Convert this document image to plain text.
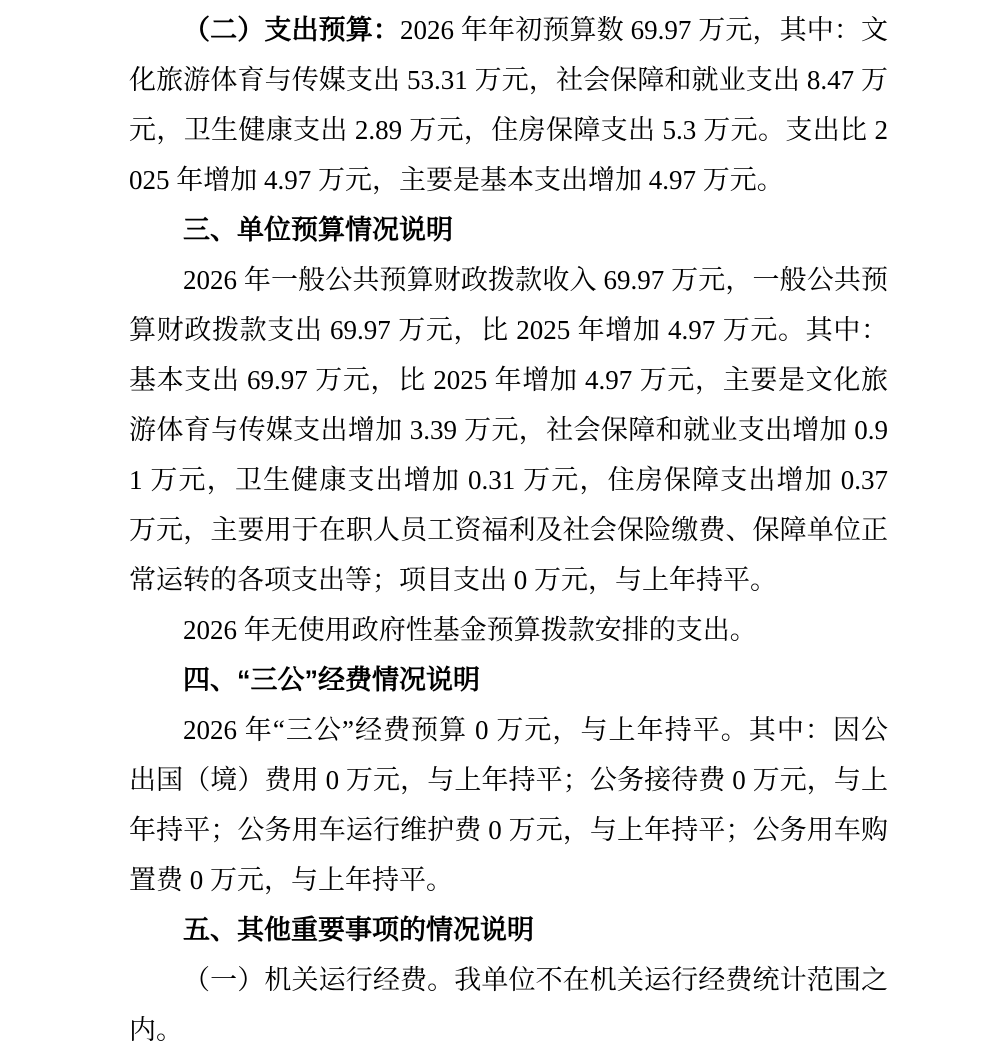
（二）支出预算：2026 年年初预算数 69.97 万元，其中：文化旅游体育与传媒支出 53.31 万元，社会保障和就业支出 8.47 万元，卫生健康支出 2.89 万元，住房保障支出 5.3 万元。支出比 2025 年增加 4.97 万元，主要是基本支出增加 4.97 万元。

三、单位预算情况说明

2026 年一般公共预算财政拨款收入 69.97 万元，一般公共预算财政拨款支出 69.97 万元，比 2025 年增加 4.97 万元。其中：基本支出 69.97 万元，比 2025 年增加 4.97 万元，主要是文化旅游体育与传媒支出增加 3.39 万元，社会保障和就业支出增加 0.91 万元，卫生健康支出增加 0.31 万元，住房保障支出增加 0.37 万元，主要用于在职人员工资福利及社会保险缴费、保障单位正常运转的各项支出等；项目支出 0 万元，与上年持平。

2026 年无使用政府性基金预算拨款安排的支出。

四、“三公”经费情况说明

2026 年“三公”经费预算 0 万元，与上年持平。其中：因公出国（境）费用 0 万元，与上年持平；公务接待费 0 万元，与上年持平；公务用车运行维护费 0 万元，与上年持平；公务用车购置费 0 万元，与上年持平。

五、其他重要事项的情况说明

（一）机关运行经费。我单位不在机关运行经费统计范围之内。
